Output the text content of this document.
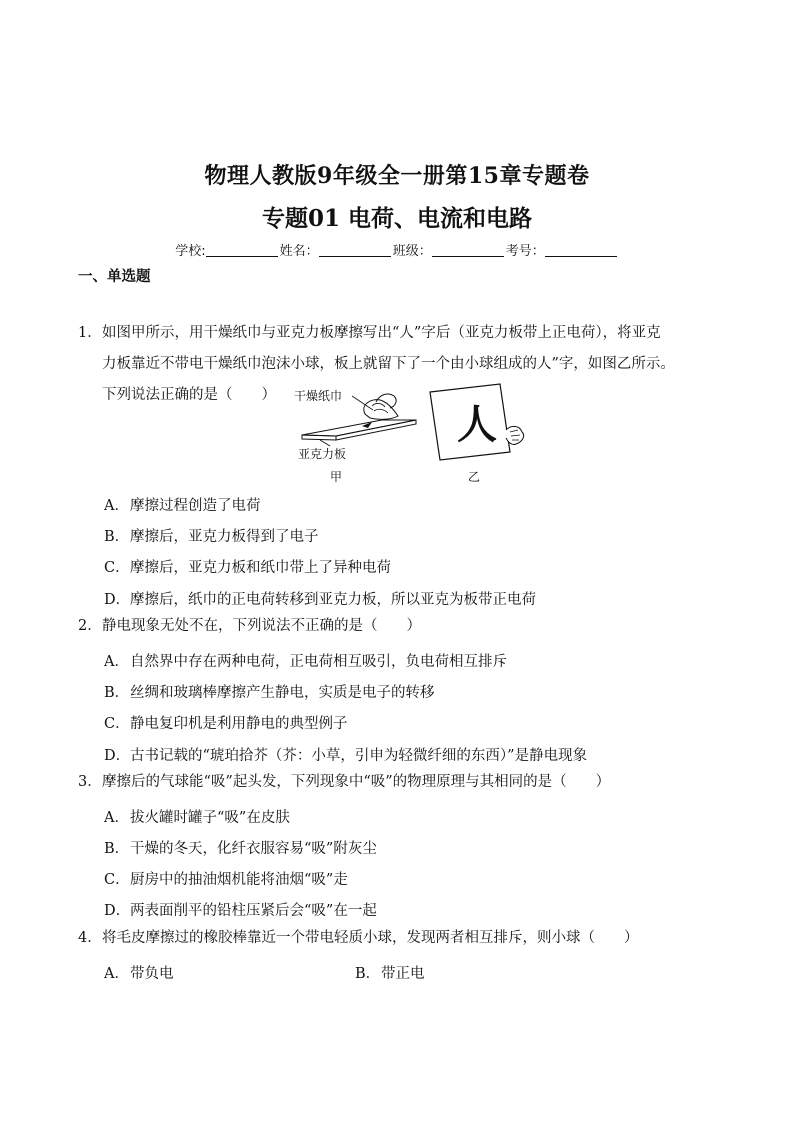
物理人教版9年级全一册第15章专题卷
专题01 电荷、电流和电路
学校:	姓名：	班级：	考号：
一、单选题
1．如图甲所示，用干燥纸巾与亚克力板摩擦写出“人”字后（亚克力板带上正电荷），将亚克
力板靠近不带电干燥纸巾泡沫小球，板上就留下了一个由小球组成的人”字，如图乙所示。
下列说法正确的是（　　）	干燥纸巾
亚克力板
甲
人
乙
A．摩擦过程创造了电荷
B．摩擦后，亚克力板得到了电子
C．摩擦后，亚克力板和纸巾带上了异种电荷
D．摩擦后，纸巾的正电荷转移到亚克力板，所以亚克为板带正电荷
2．静电现象无处不在，下列说法不正确的是（　　）
A．自然界中存在两种电荷，正电荷相互吸引，负电荷相互排斥
B．丝绸和玻璃棒摩擦产生静电，实质是电子的转移
C．静电复印机是利用静电的典型例子
D．古书记载的“琥珀拾芥（芥：小草，引申为轻微纤细的东西）”是静电现象
3．摩擦后的气球能“吸”起头发，下列现象中“吸”的物理原理与其相同的是（　　）
A．拔火罐时罐子“吸”在皮肤
B．干燥的冬天，化纤衣服容易“吸”附灰尘
C．厨房中的抽油烟机能将油烟“吸”走
D．两表面削平的铅柱压紧后会“吸”在一起
4．将毛皮摩擦过的橡胶棒靠近一个带电轻质小球，发现两者相互排斥，则小球（　　）
A．带负电	B．带正电
